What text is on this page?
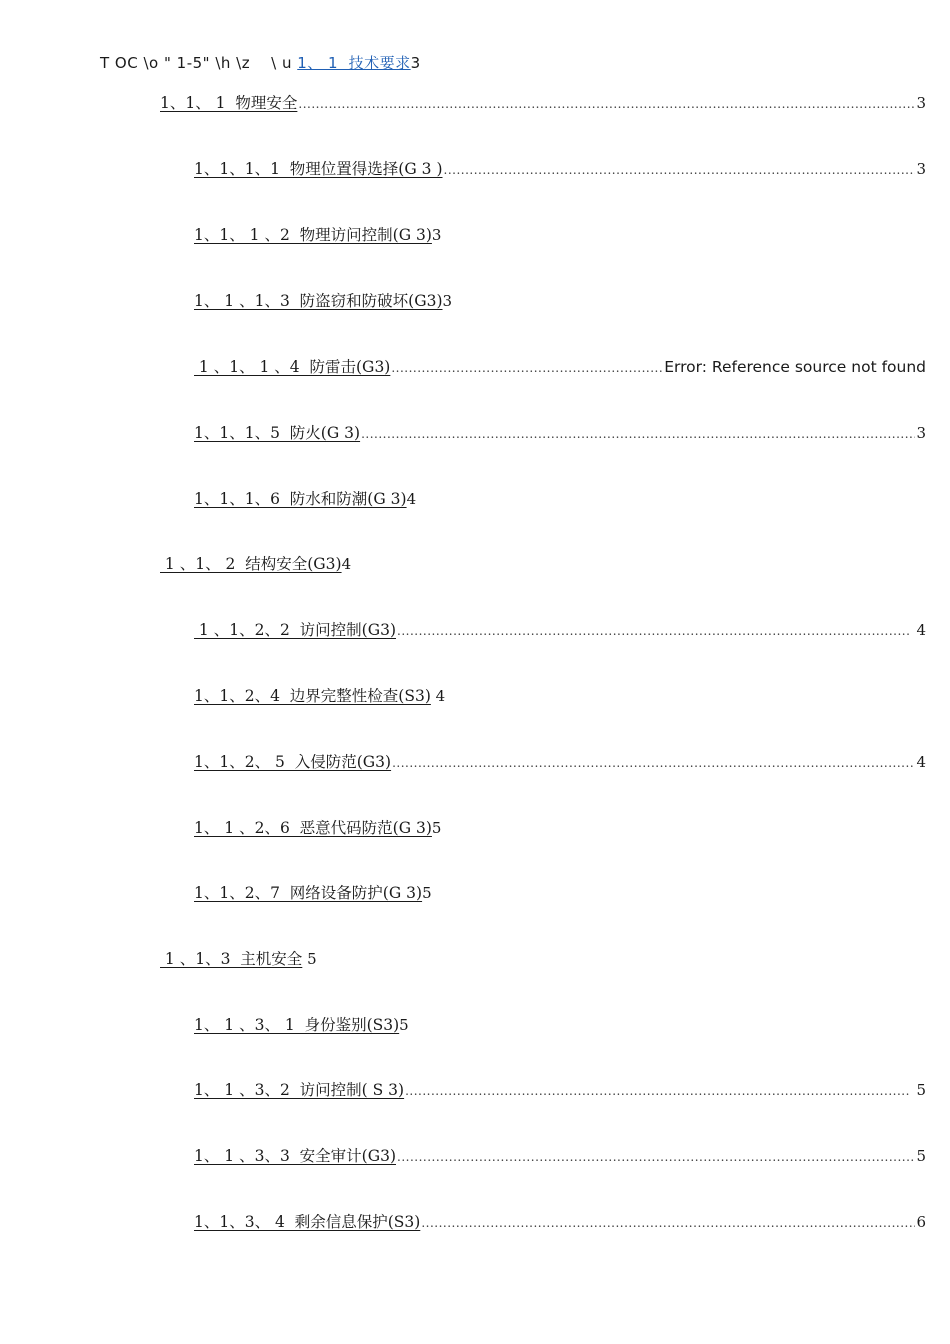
T OC \o " 1-5" \h \z    \ u 1、 1  技术要求3
1、1、 1  物理安全 .....	3
1、1、1、1  物理位置得选择(G 3 ) .....	3
1、1、 1 、2  物理访问控制(G 3) 3
1、 1 、1、3  防盗窃和防破坏(G3) 3
1 、1、 1 、4  防雷击(G3) .....	Error: Reference source not found
1、1、1、5  防火(G 3) .....	3
1、1、1、6  防水和防潮(G 3) 4
1 、1、 2  结构安全(G3) 4
1 、1、2、2  访问控制(G3) .....	4
1、1、2、4  边界完整性检查(S3) 4
1、1、2、 5  入侵防范(G3) .....	4
1、 1 、2、6  恶意代码防范(G 3) 5
1、1、2、7  网络设备防护(G 3) 5
1 、1、3  主机安全 5
1、 1 、3、 1  身份鉴别(S3) 5
1、 1 、3、2  访问控制( S 3) .....	5
1、 1 、3、3  安全审计(G3) .....	5
1、1、3、 4  剩余信息保护(S3) .....	6
